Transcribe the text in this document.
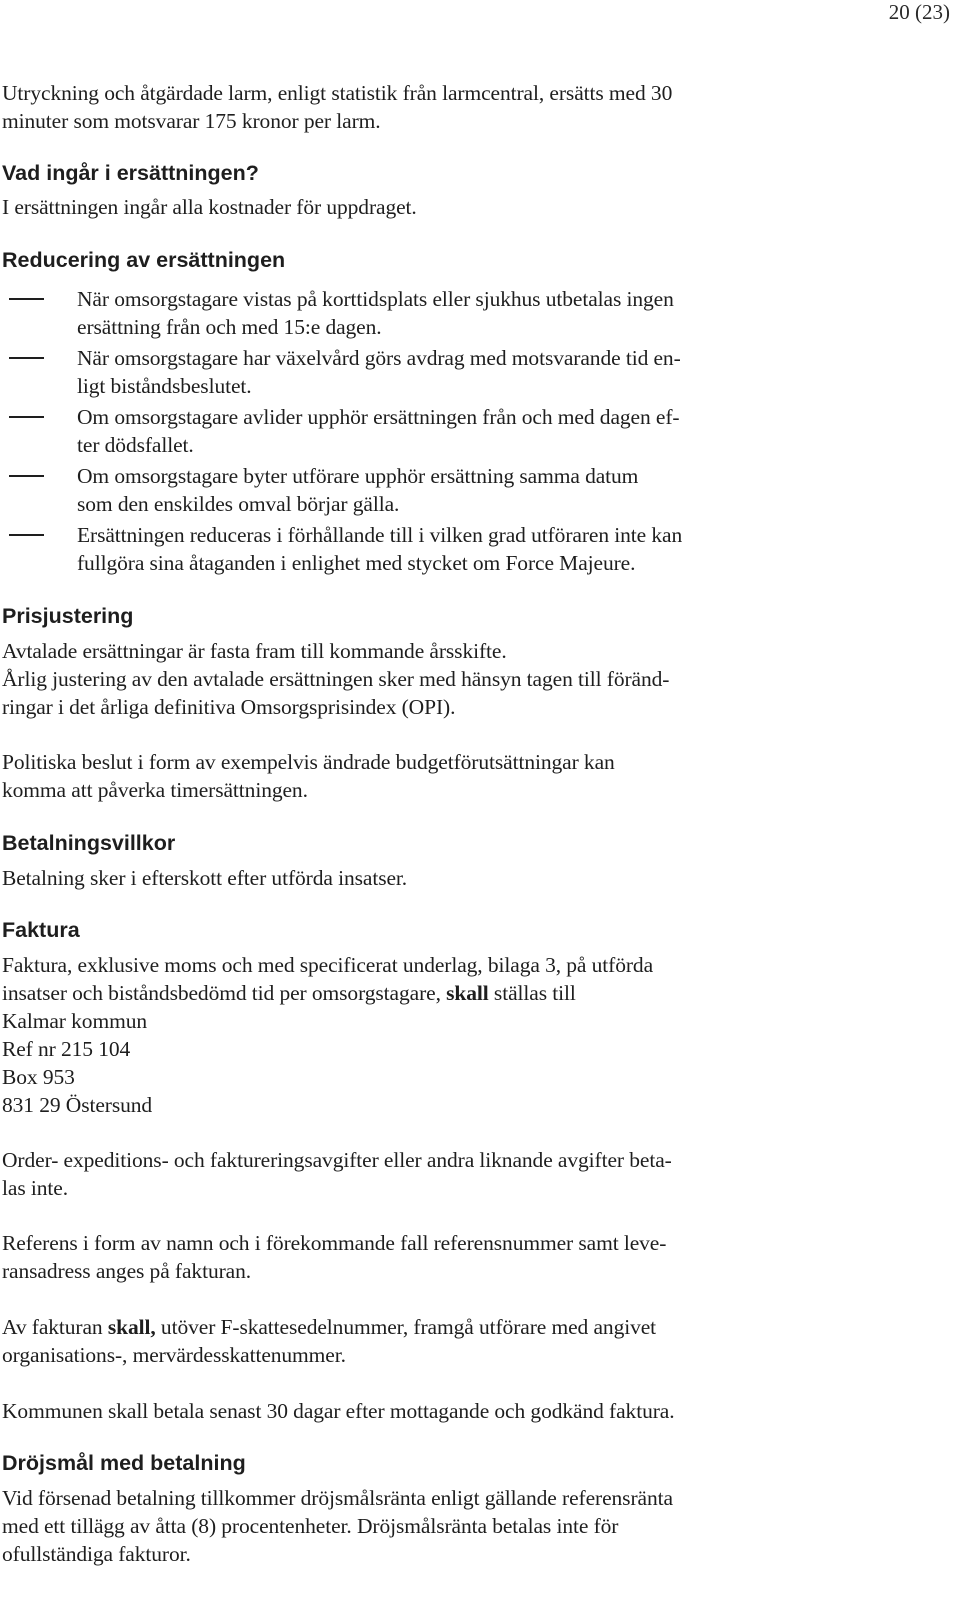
20 (23)

Utryckning och åtgärdade larm, enligt statistik från larmcentral, ersätts med 30
minuter som motsvarar 175 kronor per larm.

Vad ingår i ersättningen?

I ersättningen ingår alla kostnader för uppdraget.

Reducering av ersättningen
När omsorgstagare vistas på korttidsplats eller sjukhus utbetalas ingen
ersättning från och med 15:e dagen.
När omsorgstagare har växelvård görs avdrag med motsvarande tid en-
ligt biståndsbeslutet.
Om omsorgstagare avlider upphör ersättningen från och med dagen ef-
ter dödsfallet.
Om omsorgstagare byter utförare upphör ersättning samma datum
som den enskildes omval börjar gälla.
Ersättningen reduceras i förhållande till i vilken grad utföraren inte kan
fullgöra sina åtaganden i enlighet med stycket om Force Majeure.
Prisjustering

Avtalade ersättningar är fasta fram till kommande årsskifte.
Årlig justering av den avtalade ersättningen sker med hänsyn tagen till föränd-
ringar i det årliga definitiva Omsorgsprisindex (OPI).

Politiska beslut i form av exempelvis ändrade budgetförutsättningar kan
komma att påverka timersättningen.

Betalningsvillkor

Betalning sker i efterskott efter utförda insatser.

Faktura

Faktura, exklusive moms och med specificerat underlag, bilaga 3, på utförda
insatser och biståndsbedömd tid per omsorgstagare, skall ställas till
Kalmar kommun
Ref nr 215 104
Box 953
831 29 Östersund

Order- expeditions- och faktureringsavgifter eller andra liknande avgifter beta-
las inte.

Referens i form av namn och i förekommande fall referensnummer samt leve-
ransadress anges på fakturan.

Av fakturan skall, utöver F-skattesedelnummer, framgå utförare med angivet
organisations-, mervärdesskattenummer.

Kommunen skall betala senast 30 dagar efter mottagande och godkänd faktura.

Dröjsmål med betalning

Vid försenad betalning tillkommer dröjsmålsränta enligt gällande referensränta
med ett tillägg av åtta (8) procentenheter. Dröjsmålsränta betalas inte för
ofullständiga fakturor.
